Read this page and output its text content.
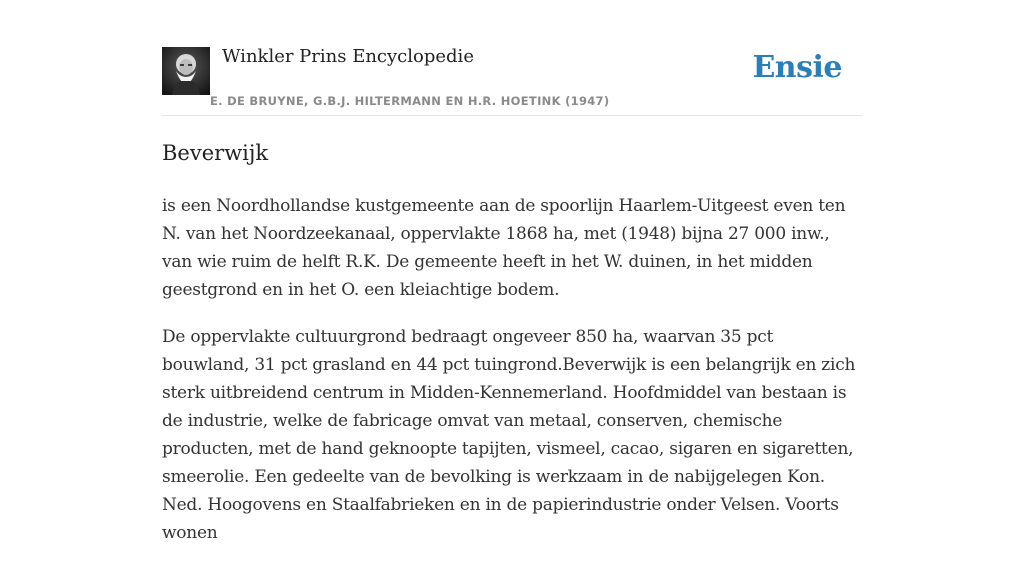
Winkler Prins Encyclopedie
E. DE BRUYNE, G.B.J. HILTERMANN EN H.R. HOETINK (1947)
Ensie
Beverwijk

is een Noordhollandse kustgemeente aan de spoorlijn Haarlem-Uitgeest even ten N. van het Noordzeekanaal, oppervlakte 1868 ha, met (1948) bijna 27 000 inw., van wie ruim de helft R.K. De gemeente heeft in het W. duinen, in het midden geestgrond en in het O. een kleiachtige bodem.

De oppervlakte cultuurgrond bedraagt ongeveer 850 ha, waarvan 35 pct bouwland, 31 pct grasland en 44 pct tuingrond.Beverwijk is een belangrijk en zich sterk uitbreidend centrum in Midden-Kennemerland. Hoofdmiddel van bestaan is de industrie, welke de fabricage omvat van metaal, conserven, chemische producten, met de hand geknoopte tapijten, vismeel, cacao, sigaren en sigaretten, smeerolie. Een gedeelte van de bevolking is werkzaam in de nabijgelegen Kon. Ned. Hoogovens en Staalfabrieken en in de papierindustrie onder Velsen. Voorts wonen
